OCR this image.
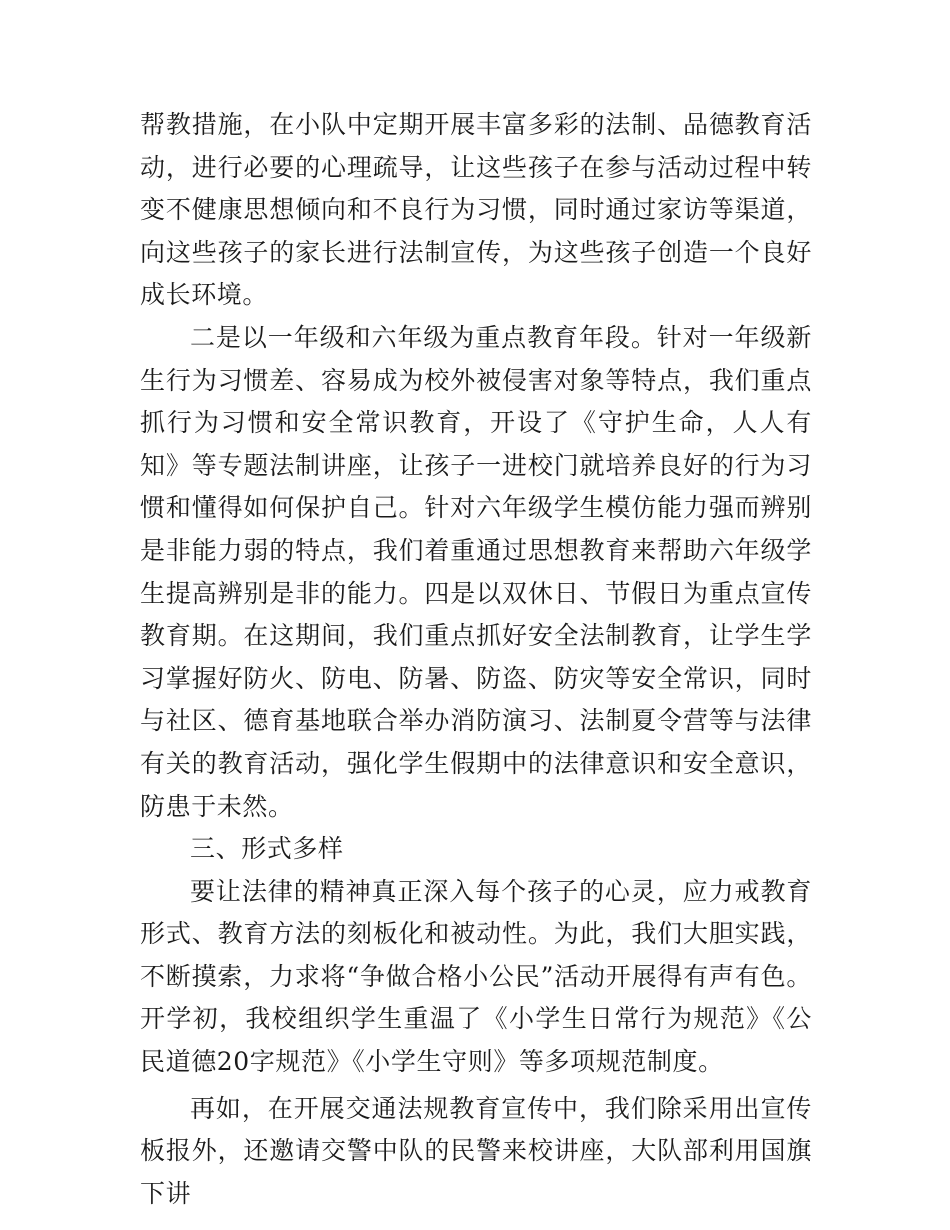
帮教措施，在小队中定期开展丰富多彩的法制、品德教育活动，进行必要的心理疏导，让这些孩子在参与活动过程中转变不健康思想倾向和不良行为习惯，同时通过家访等渠道，向这些孩子的家长进行法制宣传，为这些孩子创造一个良好成长环境。

二是以一年级和六年级为重点教育年段。针对一年级新生行为习惯差、容易成为校外被侵害对象等特点，我们重点抓行为习惯和安全常识教育，开设了《守护生命，人人有知》等专题法制讲座，让孩子一进校门就培养良好的行为习惯和懂得如何保护自己。针对六年级学生模仿能力强而辨别是非能力弱的特点，我们着重通过思想教育来帮助六年级学生提高辨别是非的能力。四是以双休日、节假日为重点宣传教育期。在这期间，我们重点抓好安全法制教育，让学生学习掌握好防火、防电、防暑、防盗、防灾等安全常识，同时与社区、德育基地联合举办消防演习、法制夏令营等与法律有关的教育活动，强化学生假期中的法律意识和安全意识，防患于未然。

三、形式多样

要让法律的精神真正深入每个孩子的心灵，应力戒教育形式、教育方法的刻板化和被动性。为此，我们大胆实践，不断摸索，力求将“争做合格小公民”活动开展得有声有色。开学初，我校组织学生重温了《小学生日常行为规范》《公民道德20字规范》《小学生守则》等多项规范制度。

再如，在开展交通法规教育宣传中，我们除采用出宣传板报外，还邀请交警中队的民警来校讲座，大队部利用国旗下讲
